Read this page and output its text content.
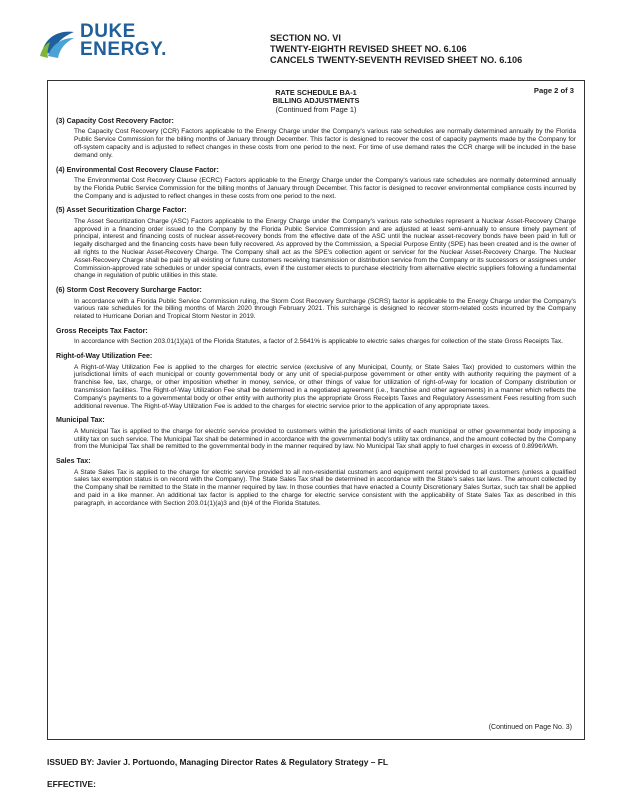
DUKE
ENERGY.
SECTION NO. VI
TWENTY-EIGHTH REVISED SHEET NO. 6.106
CANCELS TWENTY-SEVENTH REVISED SHEET NO. 6.106
Page 2 of 3
RATE SCHEDULE BA-1
BILLING ADJUSTMENTS
(Continued from Page 1)
(3) Capacity Cost Recovery Factor:

The Capacity Cost Recovery (CCR) Factors applicable to the Energy Charge under the Company's various rate schedules are normally determined annually by the Florida Public Service Commission for the billing months of January through December. This factor is designed to recover the cost of capacity payments made by the Company for off-system capacity and is adjusted to reflect changes in these costs from one period to the next. For time of use demand rates the CCR charge will be included in the base demand only.

(4) Environmental Cost Recovery Clause Factor:

The Environmental Cost Recovery Clause (ECRC) Factors applicable to the Energy Charge under the Company's various rate schedules are normally determined annually by the Florida Public Service Commission for the billing months of January through December. This factor is designed to recover environmental compliance costs incurred by the Company and is adjusted to reflect changes in these costs from one period to the next.

(5) Asset Securitization Charge Factor:

The Asset Securitization Charge (ASC) Factors applicable to the Energy Charge under the Company's various rate schedules represent a Nuclear Asset-Recovery Charge approved in a financing order issued to the Company by the Florida Public Service Commission and are adjusted at least semi-annually to ensure timely payment of principal, interest and financing costs of nuclear asset-recovery bonds from the effective date of the ASC until the nuclear asset-recovery bonds have been paid in full or legally discharged and the financing costs have been fully recovered. As approved by the Commission, a Special Purpose Entity (SPE) has been created and is the owner of all rights to the Nuclear Asset-Recovery Charge. The Company shall act as the SPE's collection agent or servicer for the Nuclear Asset-Recovery Charge. The Nuclear Asset-Recovery Charge shall be paid by all existing or future customers receiving transmission or distribution service from the Company or its successors or assignees under Commission-approved rate schedules or under special contracts, even if the customer elects to purchase electricity from alternative electric suppliers following a fundamental change in regulation of public utilities in this state.

(6) Storm Cost Recovery Surcharge Factor:

In accordance with a Florida Public Service Commission ruling, the Storm Cost Recovery Surcharge (SCRS) factor is applicable to the Energy Charge under the Company's various rate schedules for the billing months of March 2020 through February 2021. This surcharge is designed to recover storm-related costs incurred by the Company related to Hurricane Dorian and Tropical Storm Nestor in 2019.

Gross Receipts Tax Factor:

In accordance with Section 203.01(1)(a)1 of the Florida Statutes, a factor of 2.5641% is applicable to electric sales charges for collection of the state Gross Receipts Tax.

Right-of-Way Utilization Fee:

A Right-of-Way Utilization Fee is applied to the charges for electric service (exclusive of any Municipal, County, or State Sales Tax) provided to customers within the jurisdictional limits of each municipal or county governmental body or any unit of special-purpose government or other entity with authority requiring the payment of a franchise fee, tax, charge, or other imposition whether in money, service, or other things of value for utilization of right-of-way for location of Company distribution or transmission facilities. The Right-of-Way Utilization Fee shall be determined in a negotiated agreement (i.e., franchise and other agreements) in a manner which reflects the Company's payments to a governmental body or other entity with authority plus the appropriate Gross Receipts Taxes and Regulatory Assessment Fees resulting from such additional revenue. The Right-of-Way Utilization Fee is added to the charges for electric service prior to the application of any appropriate taxes.

Municipal Tax:

A Municipal Tax is applied to the charge for electric service provided to customers within the jurisdictional limits of each municipal or other governmental body imposing a utility tax on such service. The Municipal Tax shall be determined in accordance with the governmental body's utility tax ordinance, and the amount collected by the Company from the Municipal Tax shall be remitted to the governmental body in the manner required by law. No Municipal Tax shall apply to fuel charges in excess of 0.899¢/kWh.

Sales Tax:

A State Sales Tax is applied to the charge for electric service provided to all non-residential customers and equipment rental provided to all customers (unless a qualified sales tax exemption status is on record with the Company). The State Sales Tax shall be determined in accordance with the State's sales tax laws. The amount collected by the Company shall be remitted to the State in the manner required by law. In those counties that have enacted a County Discretionary Sales Surtax, such tax shall be applied and paid in a like manner. An additional tax factor is applied to the charge for electric service consistent with the applicability of State Sales Tax as described in this paragraph, in accordance with Section 203.01(1)(a)3 and (b)4 of the Florida Statutes.

(Continued on Page No. 3)
ISSUED BY: Javier J. Portuondo, Managing Director Rates & Regulatory Strategy – FL
EFFECTIVE:
